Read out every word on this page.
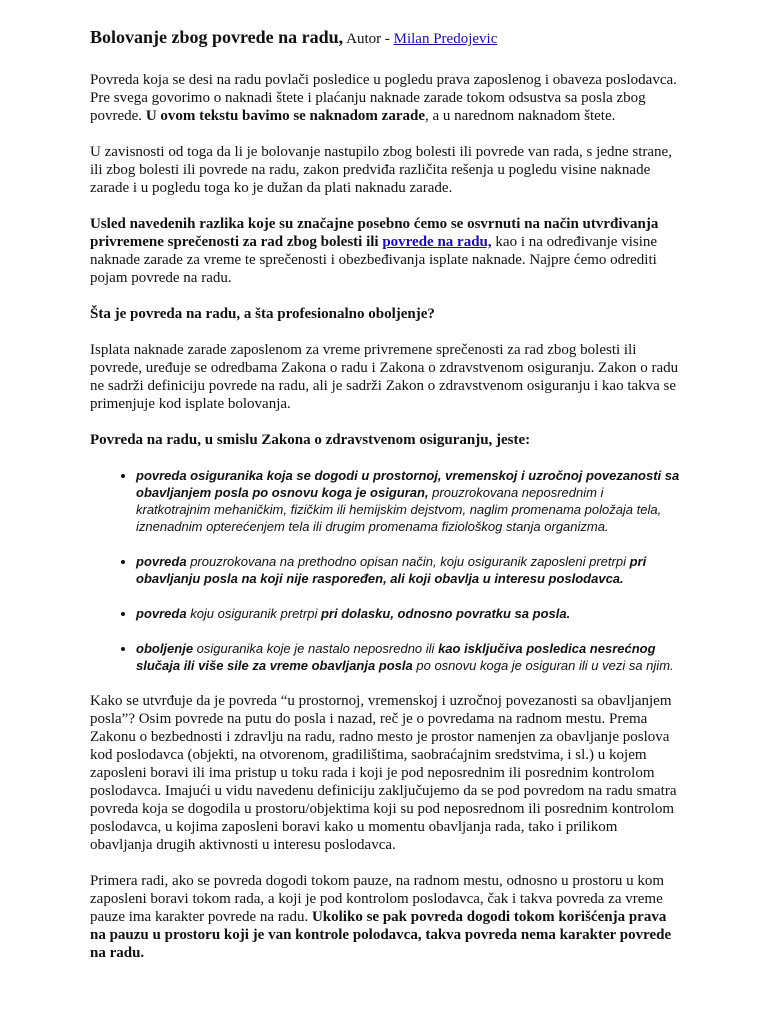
Bolovanje zbog povrede na radu, Autor - Milan Predojevic

Povreda koja se desi na radu povlači posledice u pogledu prava zaposlenog i obaveza poslodavca. Pre svega govorimo o naknadi štete i plaćanju naknade zarade tokom odsustva sa posla zbog povrede. U ovom tekstu bavimo se naknadom zarade, a u narednom naknadom štete.

U zavisnosti od toga da li je bolovanje nastupilo zbog bolesti ili povrede van rada, s jedne strane, ili zbog bolesti ili povrede na radu, zakon predviđa različita rešenja u pogledu visine naknade zarade i u pogledu toga ko je dužan da plati naknadu zarade.

Usled navedenih razlika koje su značajne posebno ćemo se osvrnuti na način utvrđivanja privremene sprečenosti za rad zbog bolesti ili povrede na radu, kao i na određivanje visine naknade zarade za vreme te sprečenosti i obezbeđivanja isplate naknade. Najpre ćemo odrediti pojam povrede na radu.

Šta je povreda na radu, a šta profesionalno oboljenje?

Isplata naknade zarade zaposlenom za vreme privremene sprečenosti za rad zbog bolesti ili povrede, uređuje se odredbama Zakona o radu i Zakona o zdravstvenom osiguranju. Zakon o radu ne sadrži definiciju povrede na radu, ali je sadrži Zakon o zdravstvenom osiguranju i kao takva se primenjuje kod isplate bolovanja.

Povreda na radu, u smislu Zakona o zdravstvenom osiguranju, jeste:

• povreda osiguranika koja se dogodi u prostornoj, vremenskoj i uzročnoj povezanosti sa obavljanjem posla po osnovu koga je osiguran, prouzrokovana neposrednim i kratkotrajnim mehaničkim, fizičkim ili hemijskim dejstvom, naglim promenama položaja tela, iznenadnim opterećenjem tela ili drugim promenama fiziološkog stanja organizma.
• povreda prouzrokovana na prethodno opisan način, koju osiguranik zaposleni pretrpi pri obavljanju posla na koji nije raspoređen, ali koji obavlja u interesu poslodavca.
• povreda koju osiguranik pretrpi pri dolasku, odnosno povratku sa posla.
• oboljenje osiguranika koje je nastalo neposredno ili kao isključiva posledica nesrećnog slučaja ili više sile za vreme obavljanja posla po osnovu koga je osiguran ili u vezi sa njim.

Kako se utvrđuje da je povreda “u prostornoj, vremenskoj i uzročnoj povezanosti sa obavljanjem posla”? Osim povrede na putu do posla i nazad, reč je o povredama na radnom mestu. Prema Zakonu o bezbednosti i zdravlju na radu, radno mesto je prostor namenjen za obavljanje poslova kod poslodavca (objekti, na otvorenom, gradilištima, saobraćajnim sredstvima, i sl.) u kojem zaposleni boravi ili ima pristup u toku rada i koji je pod neposrednim ili posrednim kontrolom poslodavca. Imajući u vidu navedenu definiciju zaključujemo da se pod povredom na radu smatra povreda koja se dogodila u prostoru/objektima koji su pod neposrednom ili posrednim kontrolom poslodavca, u kojima zaposleni boravi kako u momentu obavljanja rada, tako i prilikom obavljanja drugih aktivnosti u interesu poslodavca.

Primera radi, ako se povreda dogodi tokom pauze, na radnom mestu, odnosno u prostoru u kom zaposleni boravi tokom rada, a koji je pod kontrolom poslodavca, čak i takva povreda za vreme pauze ima karakter povrede na radu. Ukoliko se pak povreda dogodi tokom korišćenja prava na pauzu u prostoru koji je van kontrole polodavca, takva povreda nema karakter povrede na radu.
